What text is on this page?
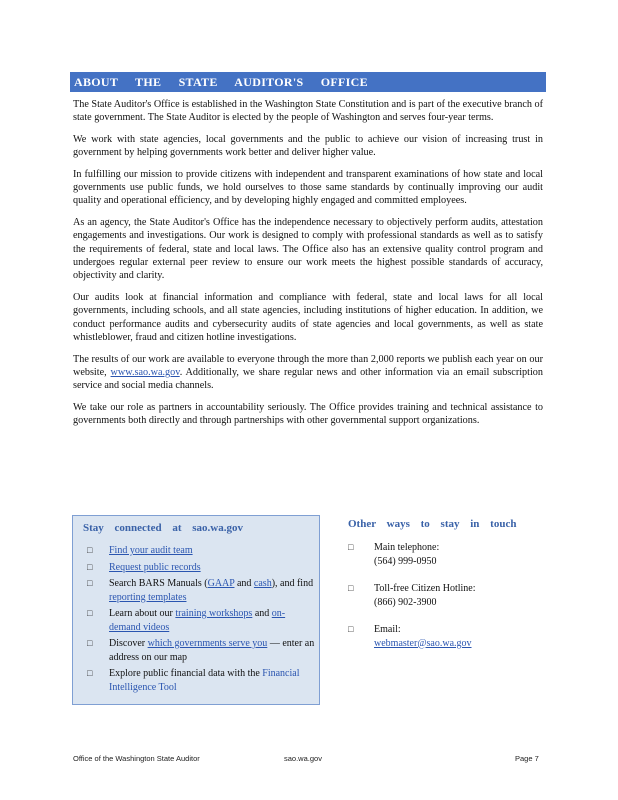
ABOUT THE STATE AUDITOR'S OFFICE

The State Auditor's Office is established in the Washington State Constitution and is part of the executive branch of state government. The State Auditor is elected by the people of Washington and serves four-year terms.

We work with state agencies, local governments and the public to achieve our vision of increasing trust in government by helping governments work better and deliver higher value.

In fulfilling our mission to provide citizens with independent and transparent examinations of how state and local governments use public funds, we hold ourselves to those same standards by continually improving our audit quality and operational efficiency, and by developing highly engaged and committed employees.

As an agency, the State Auditor's Office has the independence necessary to objectively perform audits, attestation engagements and investigations. Our work is designed to comply with professional standards as well as to satisfy the requirements of federal, state and local laws. The Office also has an extensive quality control program and undergoes regular external peer review to ensure our work meets the highest possible standards of accuracy, objectivity and clarity.

Our audits look at financial information and compliance with federal, state and local laws for all local governments, including schools, and all state agencies, including institutions of higher education. In addition, we conduct performance audits and cybersecurity audits of state agencies and local governments, as well as state whistleblower, fraud and citizen hotline investigations.

The results of our work are available to everyone through the more than 2,000 reports we publish each year on our website, www.sao.wa.gov. Additionally, we share regular news and other information via an email subscription service and social media channels.

We take our role as partners in accountability seriously. The Office provides training and technical assistance to governments both directly and through partnerships with other governmental support organizations.

Stay connected at sao.wa.gov
□ Find your audit team
□ Request public records
□ Search BARS Manuals (GAAP and cash), and find reporting templates
□ Learn about our training workshops and on-demand videos
□ Discover which governments serve you — enter an address on our map
□ Explore public financial data with the Financial Intelligence Tool
Other ways to stay in touch
□ Main telephone:
(564) 999-0950
□ Toll-free Citizen Hotline:
(866) 902-3900
□ Email:
webmaster@sao.wa.gov
Office of the Washington State Auditor	sao.wa.gov	Page 7
